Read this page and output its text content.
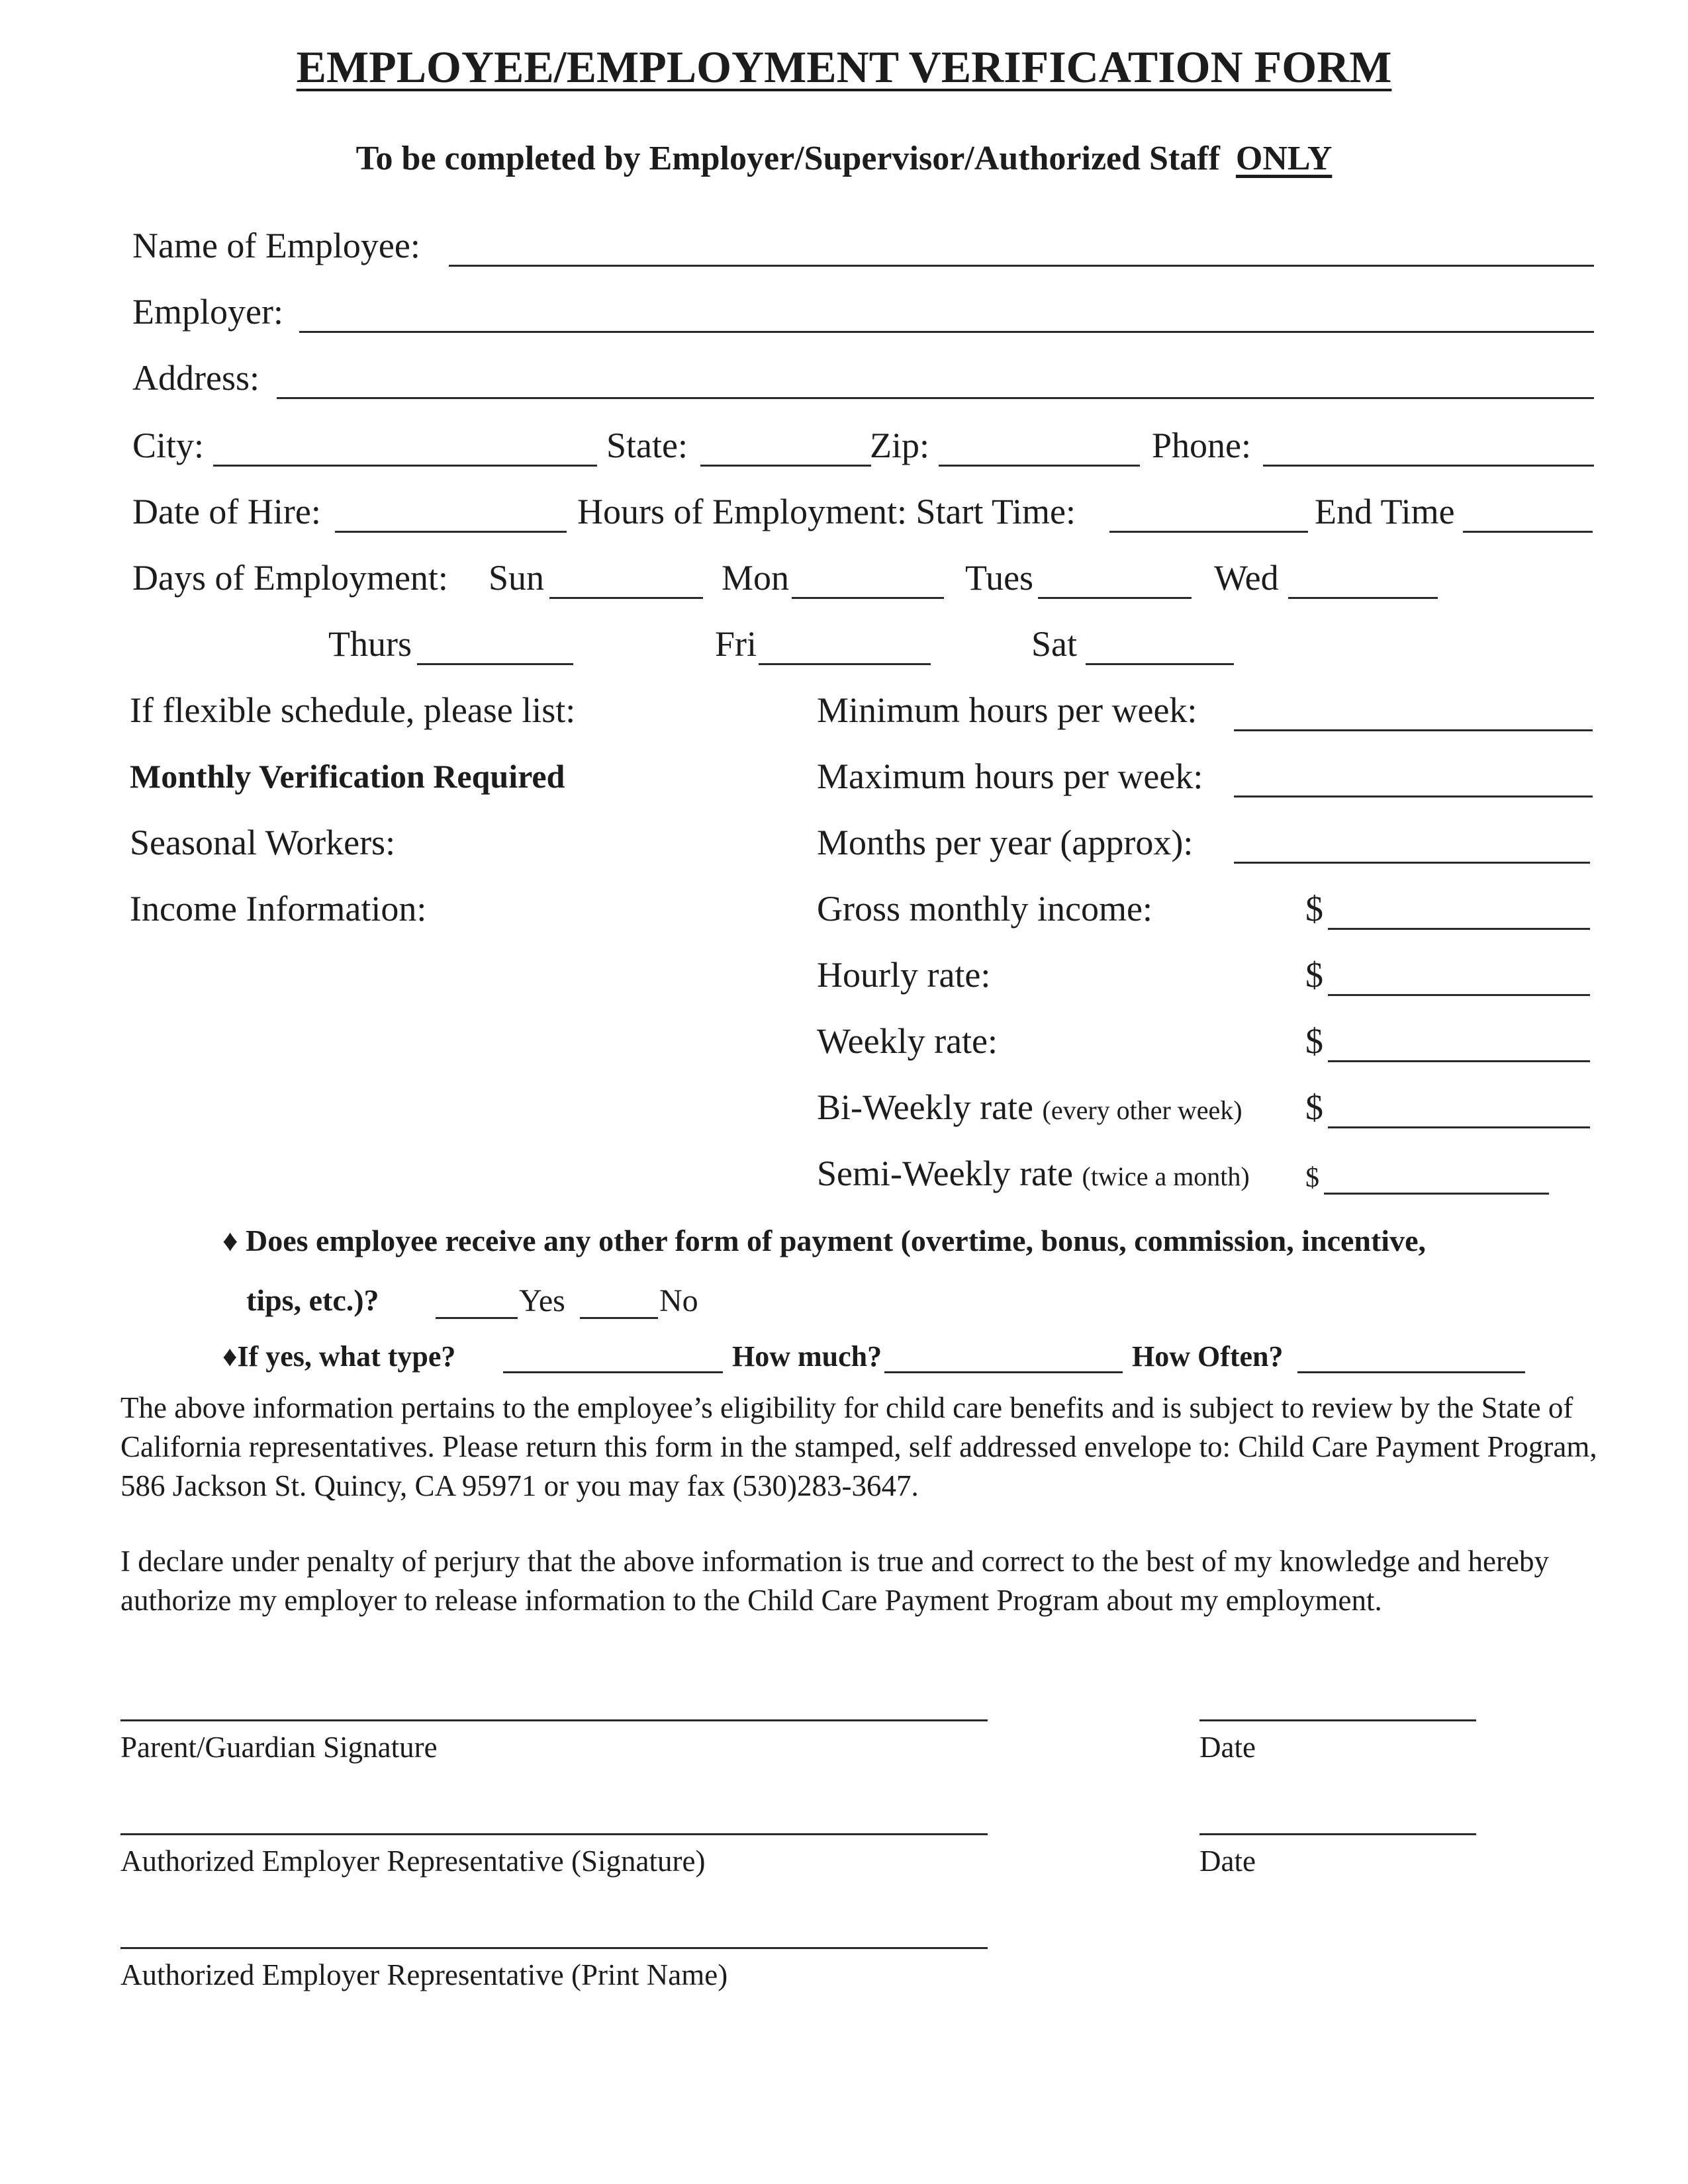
EMPLOYEE/EMPLOYMENT VERIFICATION FORM
To be completed by Employer/Supervisor/Authorized Staff ONLY
Name of Employee:
Employer:
Address:
City:	State:	Zip:	Phone:
Date of Hire:	Hours of Employment: Start Time:	End Time
Days of Employment: Sun	Mon	Tues	Wed
Thurs	Fri	Sat
If flexible schedule, please list:
Monthly Verification Required
Seasonal Workers:
Income Information:
Minimum hours per week:
Maximum hours per week:
Months per year (approx):
Gross monthly income:	$
Hourly rate:	$
Weekly rate:	$
Bi-Weekly rate (every other week) $
Semi-Weekly rate (twice a month) $
♦ Does employee receive any other form of payment (overtime, bonus, commission, incentive,
tips, etc.)?	Yes	No
♦If yes, what type?	How much?	How Often?
The above information pertains to the employee’s eligibility for child care benefits and is subject to review by the State of California representatives. Please return this form in the stamped, self addressed envelope to: Child Care Payment Program, 586 Jackson St. Quincy, CA 95971 or you may fax (530)283-3647.
I declare under penalty of perjury that the above information is true and correct to the best of my knowledge and hereby authorize my employer to release information to the Child Care Payment Program about my employment.
Parent/Guardian Signature	Date
Authorized Employer Representative (Signature)	Date
Authorized Employer Representative (Print Name)
